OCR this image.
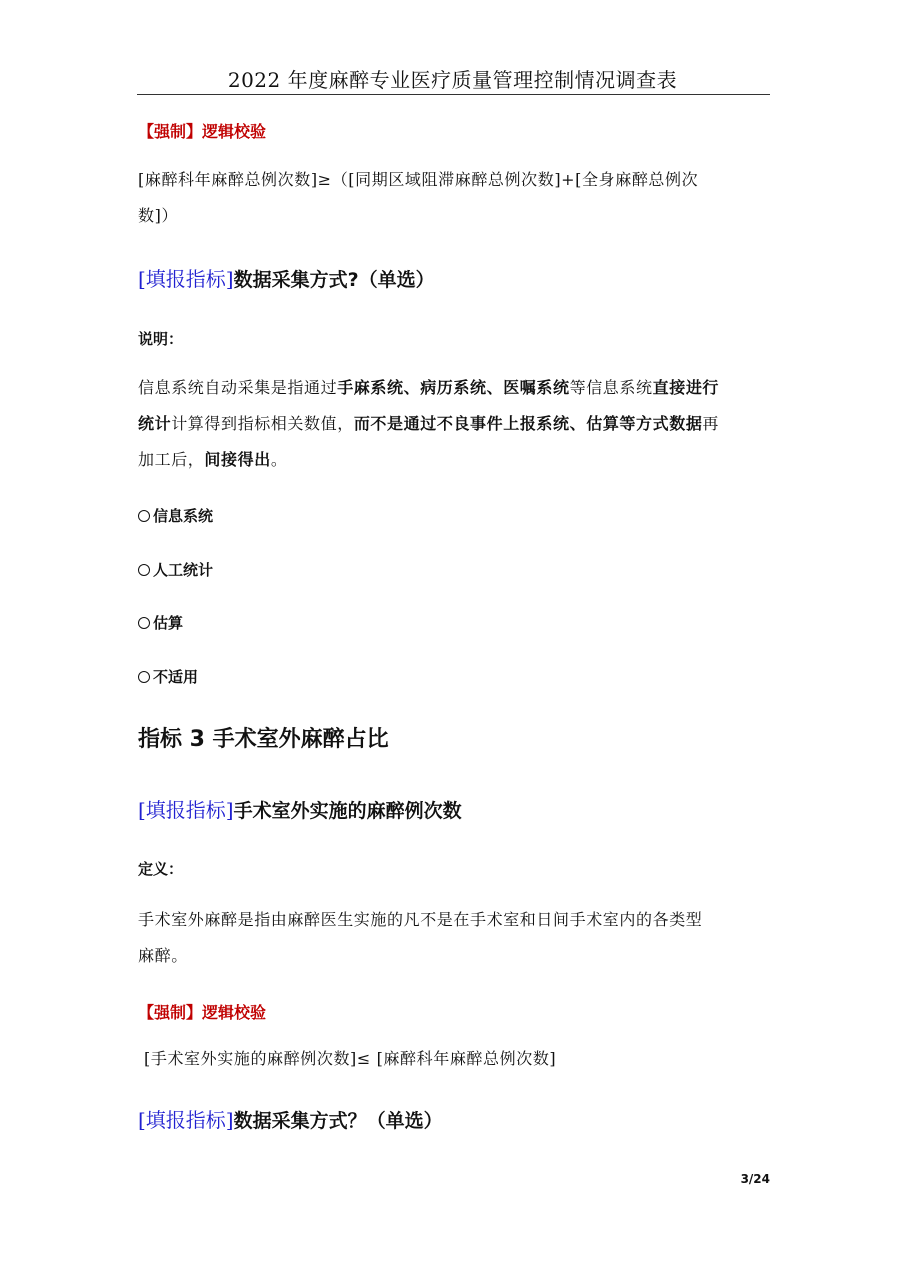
2022 年度麻醉专业医疗质量管理控制情况调查表
【强制】逻辑校验
[麻醉科年麻醉总例次数]≥（[同期区域阻滞麻醉总例次数]+[全身麻醉总例次
数]）
[填报指标]数据采集方式?（单选）
说明：
信息系统自动采集是指通过手麻系统、病历系统、医嘱系统等信息系统直接进行
统计计算得到指标相关数值，而不是通过不良事件上报系统、估算等方式数据再
加工后，间接得出。
信息系统
人工统计
估算
不适用
指标 3 手术室外麻醉占比
[填报指标]手术室外实施的麻醉例次数
定义：
手术室外麻醉是指由麻醉医生实施的凡不是在手术室和日间手术室内的各类型
麻醉。
【强制】逻辑校验
[手术室外实施的麻醉例次数]≤ [麻醉科年麻醉总例次数]
[填报指标]数据采集方式？（单选）
3/24
